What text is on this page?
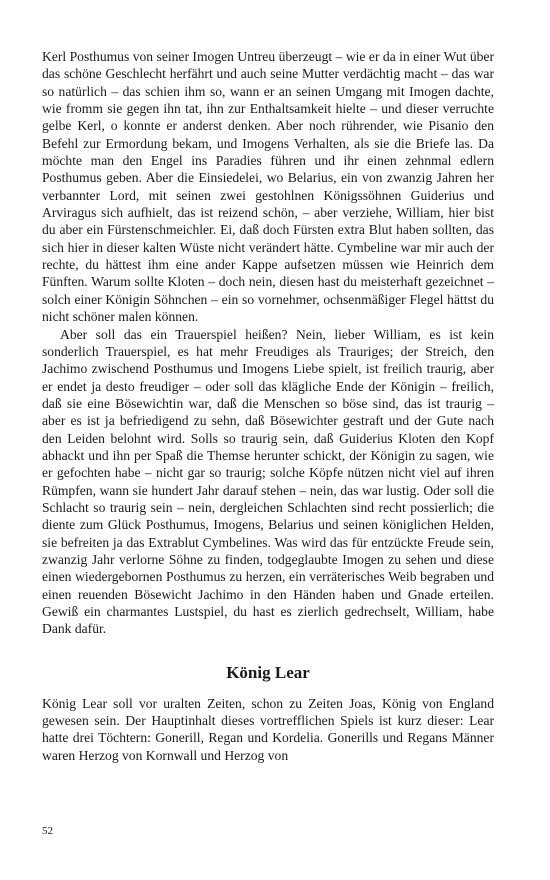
Kerl Posthumus von seiner Imogen Untreu überzeugt – wie er da in einer Wut über das schöne Geschlecht herfährt und auch seine Mutter verdächtig macht – das war so natürlich – das schien ihm so, wann er an seinen Umgang mit Imogen dachte, wie fromm sie gegen ihn tat, ihn zur Enthaltsamkeit hielte – und dieser verruchte gelbe Kerl, o konnte er anderst denken. Aber noch rührender, wie Pisanio den Befehl zur Ermordung bekam, und Imogens Verhalten, als sie die Briefe las. Da möchte man den Engel ins Paradies führen und ihr einen zehnmal edlern Posthumus geben. Aber die Einsiedelei, wo Belarius, ein von zwanzig Jahren her verbannter Lord, mit seinen zwei gestohlnen Königssöhnen Guiderius und Arviragus sich aufhielt, das ist reizend schön, – aber verziehe, William, hier bist du aber ein Fürstenschmeichler. Ei, daß doch Fürsten extra Blut haben sollten, das sich hier in dieser kalten Wüste nicht verändert hätte. Cymbeline war mir auch der rechte, du hättest ihm eine ander Kappe aufsetzen müssen wie Heinrich dem Fünften. Warum sollte Kloten – doch nein, diesen hast du meisterhaft gezeichnet – solch einer Königin Söhnchen – ein so vornehmer, ochsenmäßiger Flegel hättst du nicht schöner malen können.

Aber soll das ein Trauerspiel heißen? Nein, lieber William, es ist kein sonderlich Trauerspiel, es hat mehr Freudiges als Trauriges; der Streich, den Jachimo zwischend Posthumus und Imogens Liebe spielt, ist freilich traurig, aber er endet ja desto freudiger – oder soll das klägliche Ende der Königin – freilich, daß sie eine Bösewichtin war, daß die Menschen so böse sind, das ist traurig – aber es ist ja befriedigend zu sehn, daß Bösewichter gestraft und der Gute nach den Leiden belohnt wird. Solls so traurig sein, daß Guiderius Kloten den Kopf abhackt und ihn per Spaß die Themse herunter schickt, der Königin zu sagen, wie er gefochten habe – nicht gar so traurig; solche Köpfe nützen nicht viel auf ihren Rümpfen, wann sie hundert Jahr darauf stehen – nein, das war lustig. Oder soll die Schlacht so traurig sein – nein, dergleichen Schlachten sind recht possierlich; die diente zum Glück Posthumus, Imogens, Belarius und seinen königlichen Helden, sie befreiten ja das Extrablut Cymbelines. Was wird das für entzückte Freude sein, zwanzig Jahr verlorne Söhne zu finden, todgeglaubte Imogen zu sehen und diese einen wiedergebornen Posthumus zu herzen, ein verräterisches Weib begraben und einen reuenden Bösewicht Jachimo in den Händen haben und Gnade erteilen. Gewiß ein charmantes Lustspiel, du hast es zierlich gedrechselt, William, habe Dank dafür.

König Lear

König Lear soll vor uralten Zeiten, schon zu Zeiten Joas, König von England gewesen sein. Der Hauptinhalt dieses vortrefflichen Spiels ist kurz dieser: Lear hatte drei Töchtern: Gonerill, Regan und Kordelia. Gonerills und Regans Männer waren Herzog von Kornwall und Herzog von

52
